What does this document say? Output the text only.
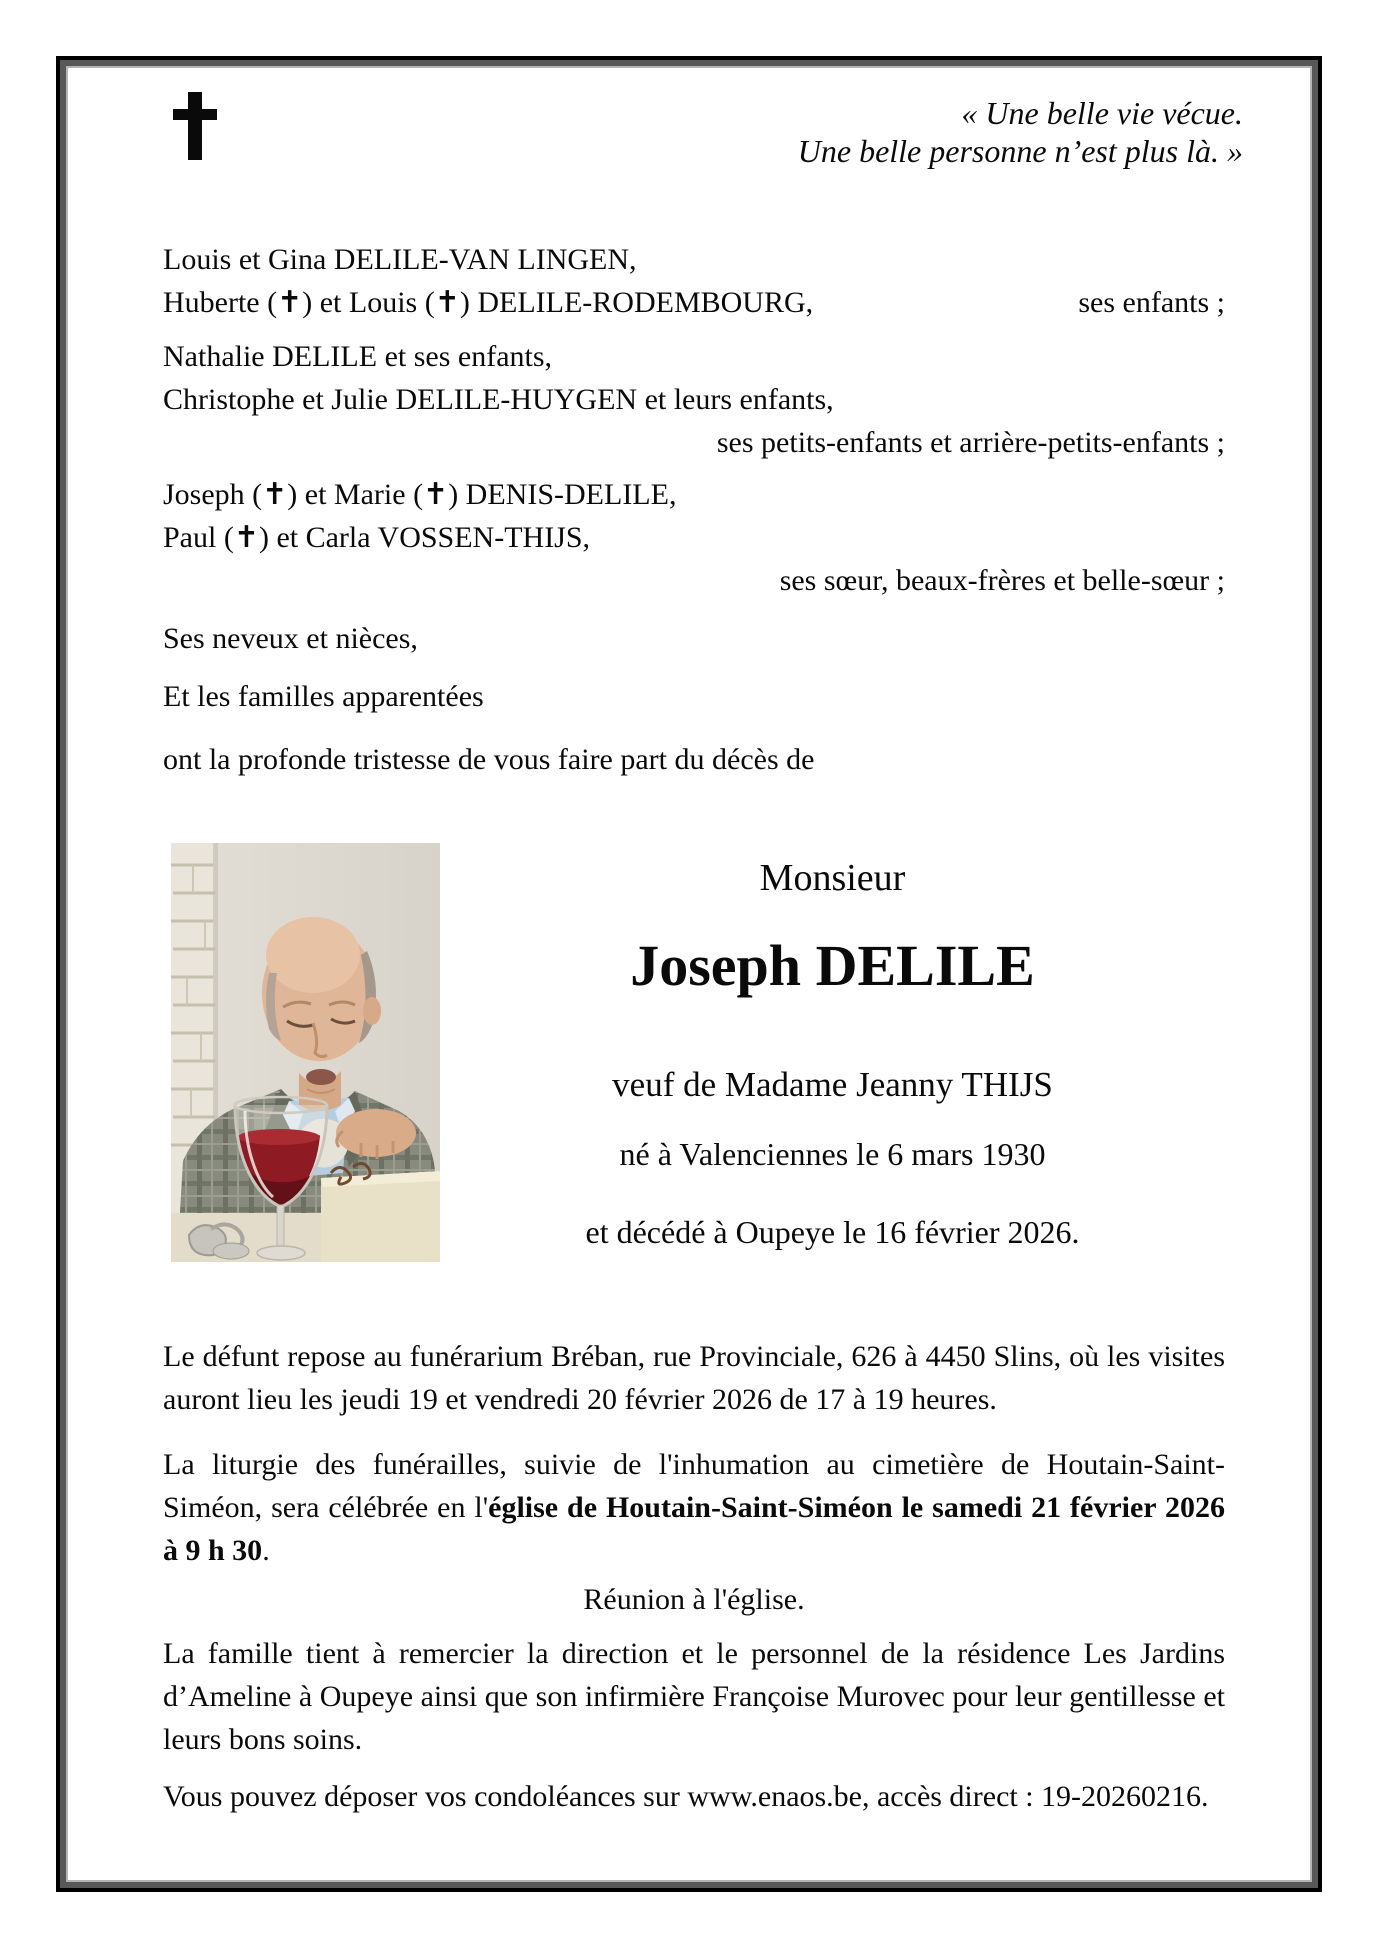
« Une belle vie vécue.
Une belle personne n’est plus là. »

Louis et Gina DELILE-VAN LINGEN,

Huberte (✝) et Louis (✝) DELILE-RODEMBOURG,	ses enfants ;

Nathalie DELILE et ses enfants,

Christophe et Julie DELILE-HUYGEN et leurs enfants,

ses petits-enfants et arrière-petits-enfants ;

Joseph (✝) et Marie (✝) DENIS-DELILE,

Paul (✝) et Carla VOSSEN-THIJS,

ses sœur, beaux-frères et belle-sœur ;

Ses neveux et nièces,

Et les familles apparentées

ont la profonde tristesse de vous faire part du décès de

Monsieur
Joseph DELILE
veuf de Madame Jeanny THIJS
né à Valenciennes le 6 mars 1930
et décédé à Oupeye le 16 février 2026.

Le défunt repose au funérarium Bréban, rue Provinciale, 626 à 4450 Slins, où les visites auront lieu les jeudi 19 et vendredi 20 février 2026 de 17 à 19 heures.

La liturgie des funérailles, suivie de l'inhumation au cimetière de Houtain-Saint-Siméon, sera célébrée en l'église de Houtain-Saint-Siméon le samedi 21 février 2026 à 9 h 30.

Réunion à l'église.

La famille tient à remercier la direction et le personnel de la résidence Les Jardins d’Ameline à Oupeye ainsi que son infirmière Françoise Murovec pour leur gentillesse et leurs bons soins.

Vous pouvez déposer vos condoléances sur www.enaos.be, accès direct : 19-20260216.
